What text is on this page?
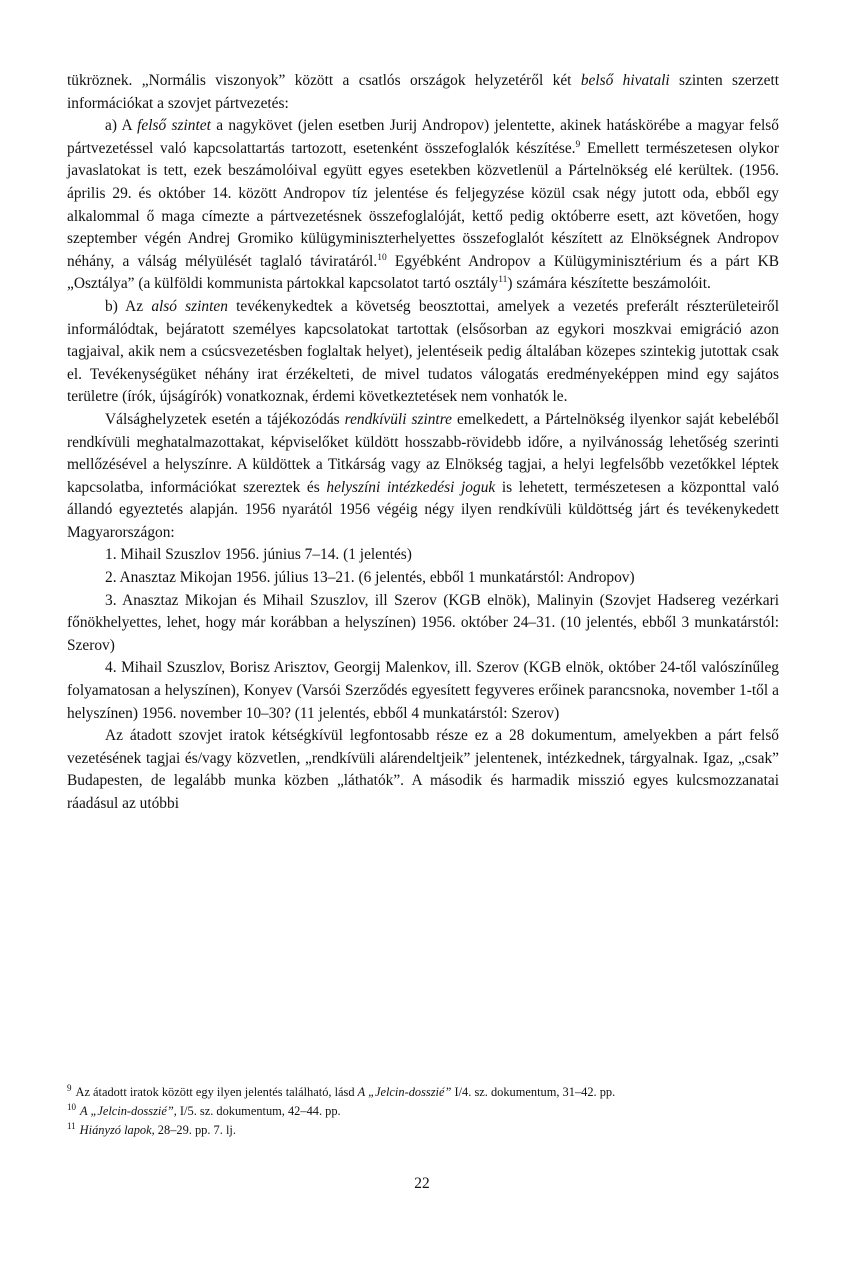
tükröznek. „Normális viszonyok” között a csatlós országok helyzetéről két belső hivatali szinten szerzett információkat a szovjet pártvezetés:

a) A felső szintet a nagykövet (jelen esetben Jurij Andropov) jelentette, akinek hatáskörébe a magyar felső pártvezetéssel való kapcsolattartás tartozott, esetenként összefoglalók készítése.$^9$ Emellett természetesen olykor javaslatokat is tett, ezek beszámolóival együtt egyes esetekben közvetlenül a Pártelnökség elé kerültek. (1956. április 29. és október 14. között Andropov tíz jelentése és feljegyzése közül csak négy jutott oda, ebből egy alkalommal ő maga címezte a pártvezetésnek összefoglalóját, kettő pedig októberre esett, azt követően, hogy szeptember végén Andrej Gromiko külügyminiszterhelyettes összefoglalót készített az Elnökségnek Andropov néhány, a válság mélyülését taglaló táviratáról.$^{10}$ Egyébként Andropov a Külügyminisztérium és a párt KB „Osztálya” (a külföldi kommunista pártokkal kapcsolatot tartó osztály$^{11}$) számára készítette beszámolóit.

b) Az alsó szinten tevékenykedtek a követség beosztottai, amelyek a vezetés preferált részterületeiről informálódtak, bejáratott személyes kapcsolatokat tartottak (elsősorban az egykori moszkvai emigráció azon tagjaival, akik nem a csúcsvezetésben foglaltak helyet), jelentéseik pedig általában közepes szintekig jutottak csak el. Tevékenységüket néhány irat érzékelteti, de mivel tudatos válogatás eredményeképpen mind egy sajátos területre (írók, újságírók) vonatkoznak, érdemi következtetések nem vonhatók le.

Válsághelyzetek esetén a tájékozódás rendkívüli szintre emelkedett, a Pártelnökség ilyenkor saját kebeléből rendkívüli meghatalmazottakat, képviselőket küldött hosszabb-rövidebb időre, a nyilvánosság lehetőség szerinti mellőzésével a helyszínre. A küldöttek a Titkárság vagy az Elnökség tagjai, a helyi legfelsőbb vezetőkkel léptek kapcsolatba, információkat szereztek és helyszíni intézkedési joguk is lehetett, természetesen a központtal való állandó egyeztetés alapján. 1956 nyarától 1956 végéig négy ilyen rendkívüli küldöttség járt és tevékenykedett Magyarországon:

1. Mihail Szuszlov 1956. június 7–14. (1 jelentés)

2. Anasztaz Mikojan 1956. július 13–21. (6 jelentés, ebből 1 munkatárstól: Andropov)

3. Anasztaz Mikojan és Mihail Szuszlov, ill Szerov (KGB elnök), Malinyin (Szovjet Hadsereg vezérkari főnökhelyettes, lehet, hogy már korábban a helyszínen) 1956. október 24–31. (10 jelentés, ebből 3 munkatárstól: Szerov)

4. Mihail Szuszlov, Borisz Arisztov, Georgij Malenkov, ill. Szerov (KGB elnök, október 24-től valószínűleg folyamatosan a helyszínen), Konyev (Varsói Szerződés egyesített fegyveres erőinek parancsnoka, november 1-től a helyszínen) 1956. november 10–30? (11 jelentés, ebből 4 munkatárstól: Szerov)

Az átadott szovjet iratok kétségkívül legfontosabb része ez a 28 dokumentum, amelyekben a párt felső vezetésének tagjai és/vagy közvetlen, „rendkívüli alárendeltjeik” jelentenek, intézkednek, tárgyalnak. Igaz, „csak” Budapesten, de legalább munka közben „láthatók”. A második és harmadik misszió egyes kulcsmozzanatai ráadásul az utóbbi

$^9$ Az átadott iratok között egy ilyen jelentés található, lásd A „Jelcin-dosszié” I/4. sz. dokumentum, 31–42. pp.

$^{10}$ A „Jelcin-dosszié”, I/5. sz. dokumentum, 42–44. pp.

$^{11}$ Hiányzó lapok, 28–29. pp. 7. lj.

22
